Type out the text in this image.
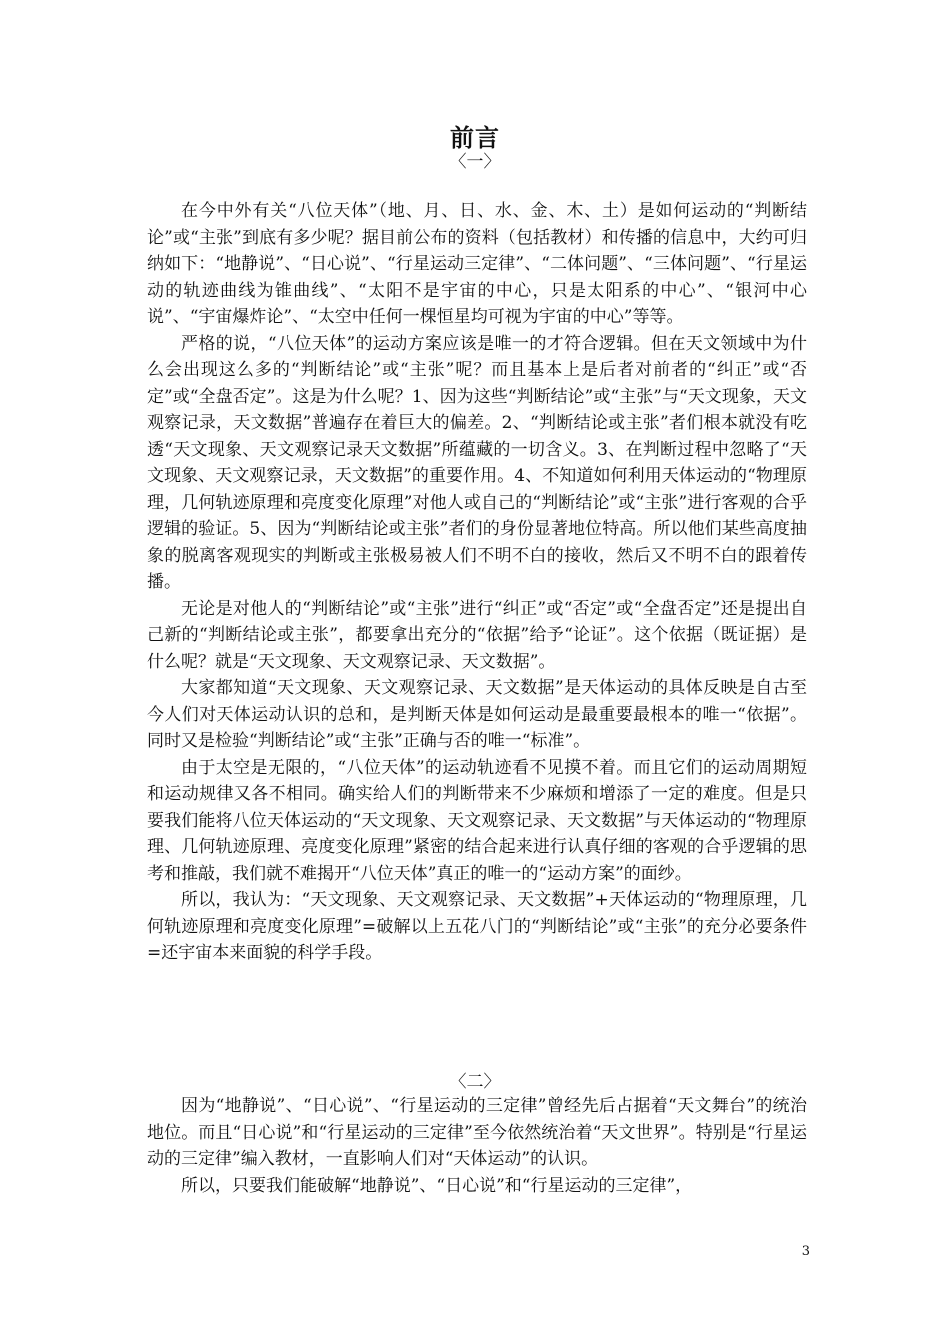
前言
〈一〉

在今中外有关“八位天体”（地、月、日、水、金、木、土）是如何运动的“判断结论”或“主张”到底有多少呢？据目前公布的资料（包括教材）和传播的信息中，大约可归纳如下：“地静说”、“日心说”、“行星运动三定律”、“二体问题”、“三体问题”、“行星运动的轨迹曲线为锥曲线”、“太阳不是宇宙的中心，只是太阳系的中心”、“银河中心说”、“宇宙爆炸论”、“太空中任何一棵恒星均可视为宇宙的中心”等等。

严格的说，“八位天体”的运动方案应该是唯一的才符合逻辑。但在天文领域中为什么会出现这么多的“判断结论”或“主张”呢？而且基本上是后者对前者的“纠正”或“否定”或“全盘否定”。这是为什么呢？1、因为这些“判断结论”或“主张”与“天文现象，天文观察记录，天文数据”普遍存在着巨大的偏差。2、“判断结论或主张”者们根本就没有吃透“天文现象、天文观察记录天文数据”所蕴藏的一切含义。3、在判断过程中忽略了“天文现象、天文观察记录，天文数据”的重要作用。4、不知道如何利用天体运动的“物理原理，几何轨迹原理和亮度变化原理”对他人或自己的“判断结论”或“主张”进行客观的合乎逻辑的验证。5、因为“判断结论或主张”者们的身份显著地位特高。所以他们某些高度抽象的脱离客观现实的判断或主张极易被人们不明不白的接收，然后又不明不白的跟着传播。

无论是对他人的“判断结论”或“主张”进行“纠正”或“否定”或“全盘否定”还是提出自己新的“判断结论或主张”，都要拿出充分的“依据”给予“论证”。这个依据（既证据）是什么呢？就是“天文现象、天文观察记录、天文数据”。

大家都知道“天文现象、天文观察记录、天文数据”是天体运动的具体反映是自古至今人们对天体运动认识的总和，是判断天体是如何运动是最重要最根本的唯一“依据”。同时又是检验“判断结论”或“主张”正确与否的唯一“标准”。

由于太空是无限的，“八位天体”的运动轨迹看不见摸不着。而且它们的运动周期短和运动规律又各不相同。确实给人们的判断带来不少麻烦和增添了一定的难度。但是只要我们能将八位天体运动的“天文现象、天文观察记录、天文数据”与天体运动的“物理原理、几何轨迹原理、亮度变化原理”紧密的结合起来进行认真仔细的客观的合乎逻辑的思考和推敲，我们就不难揭开“八位天体”真正的唯一的“运动方案”的面纱。

所以，我认为：“天文现象、天文观察记录、天文数据”+天体运动的“物理原理，几何轨迹原理和亮度变化原理”=破解以上五花八门的“判断结论”或“主张”的充分必要条件=还宇宙本来面貌的科学手段。

〈二〉

因为“地静说”、“日心说”、“行星运动的三定律”曾经先后占据着“天文舞台”的统治地位。而且“日心说”和“行星运动的三定律”至今依然统治着“天文世界”。特别是“行星运动的三定律”编入教材，一直影响人们对“天体运动”的认识。

所以，只要我们能破解“地静说”、“日心说”和“行星运动的三定律”，

3
